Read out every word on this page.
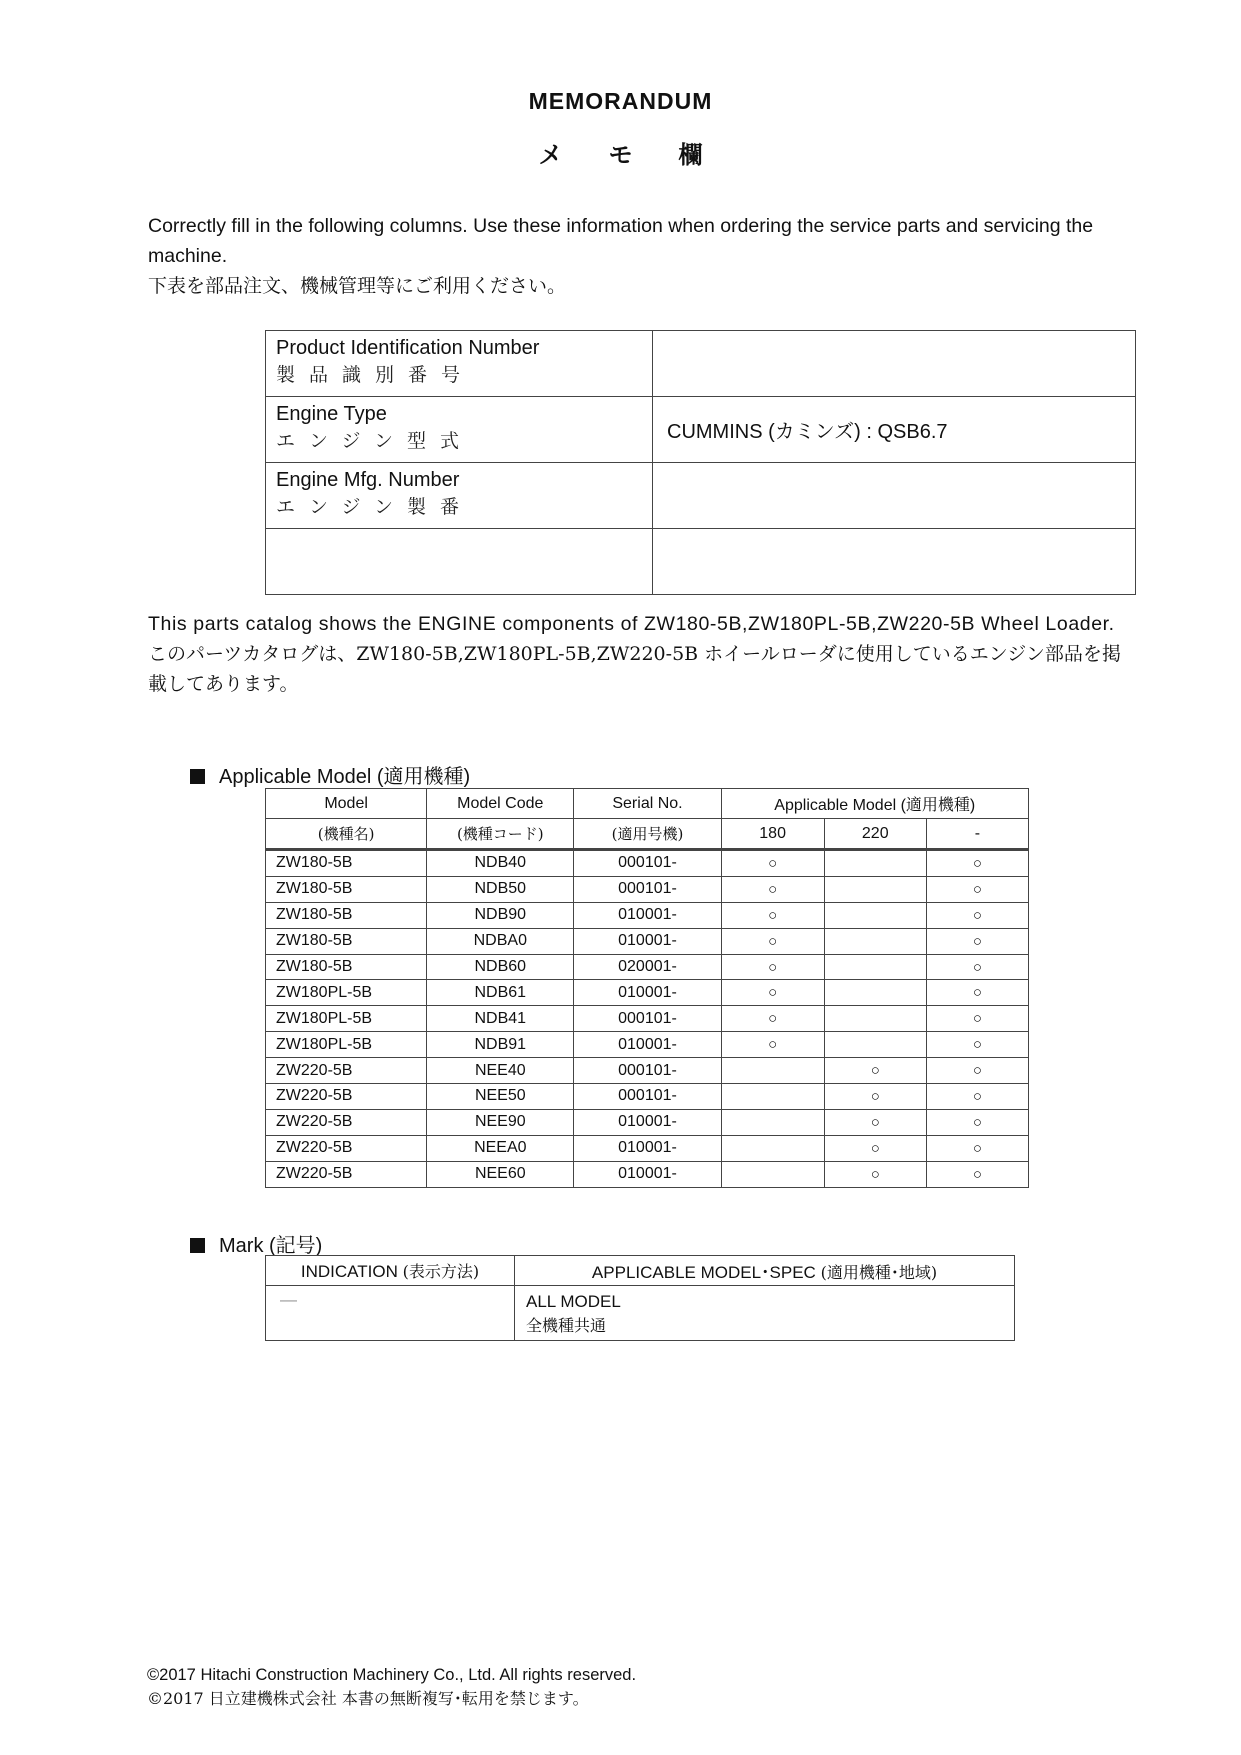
MEMORANDUM
メモ欄
Correctly fill in the following columns. Use these information when ordering the service parts and servicing the machine.
下表を部品注文、機械管理等にご利用ください。
Product Identification Number
製品識別番号	

Engine Type
エンジン型式	CUMMINS (カミンズ) : QSB6.7

Engine Mfg. Number
エンジン製番	

This parts catalog shows the ENGINE components of ZW180-5B,ZW180PL-5B,ZW220-5B Wheel Loader.
このパーツカタログは、ZW180-5B,ZW180PL-5B,ZW220-5B ホイールローダに使用しているエンジン部品を掲載してあります。
Applicable Model (適用機種)
Model	Model Code	Serial No.	Applicable Model (適用機種)		
(機種名)	(機種コード)	(適用号機)	180	220	-
ZW180-5B	NDB40	000101-	○		○
ZW180-5B	NDB50	000101-	○		○
ZW180-5B	NDB90	010001-	○		○
ZW180-5B	NDBA0	010001-	○		○
ZW180-5B	NDB60	020001-	○		○
ZW180PL-5B	NDB61	010001-	○		○
ZW180PL-5B	NDB41	000101-	○		○
ZW180PL-5B	NDB91	010001-	○		○
ZW220-5B	NEE40	000101-		○	○
ZW220-5B	NEE50	000101-		○	○
ZW220-5B	NEE90	010001-		○	○
ZW220-5B	NEEA0	010001-		○	○
ZW220-5B	NEE60	010001-		○	○
Mark (記号)
INDICATION (表示方法)	APPLICABLE MODEL･SPEC (適用機種･地域)
—	ALL MODEL
全機種共通
©2017 Hitachi Construction Machinery Co., Ltd. All rights reserved.
©2017 日立建機株式会社 本書の無断複写･転用を禁じます。
